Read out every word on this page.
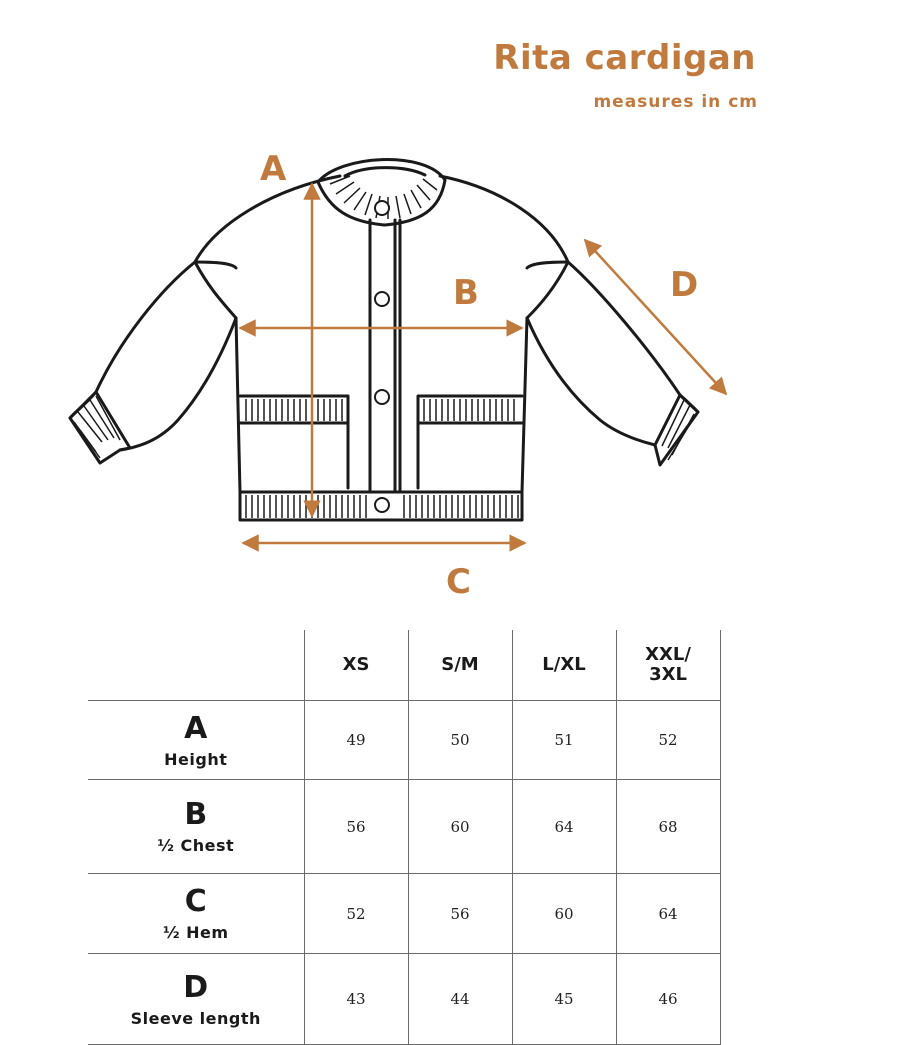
Rita cardigan
measures in cm
A
B
C
D

	XS	S/M	L/XL	XXL/
3XL

A
Height	49	50	51	52

B
½ Chest	56	60	64	68

C
½ Hem	52	56	60	64

D
Sleeve length	43	44	45	46
